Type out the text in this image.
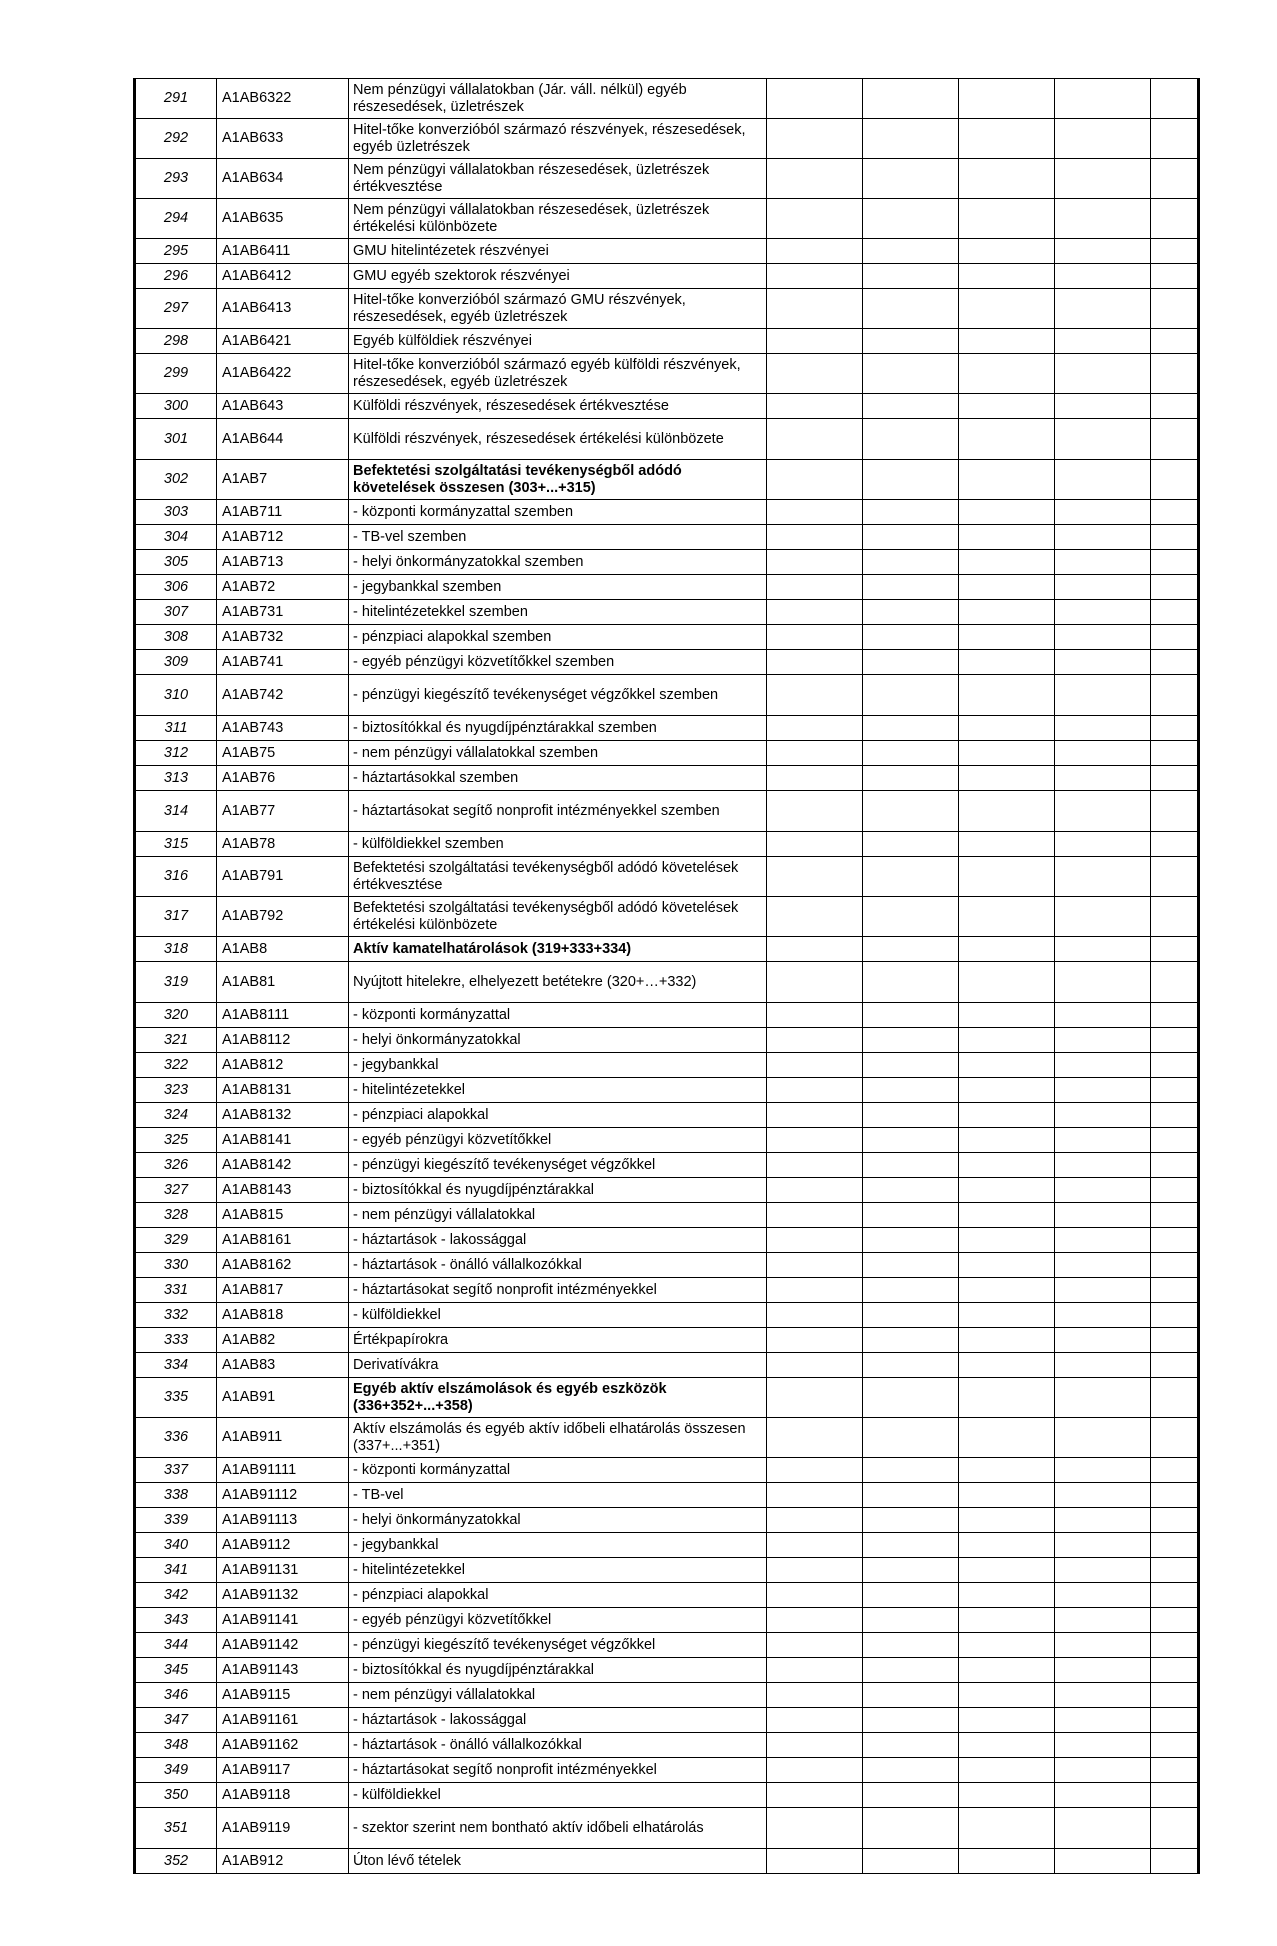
291	A1AB6322	Nem pénzügyi vállalatokban (Jár. váll. nélkül) egyéb részesedések, üzletrészek					
292	A1AB633	Hitel-tőke konverzióból származó részvények, részesedések, egyéb üzletrészek					
293	A1AB634	Nem pénzügyi vállalatokban részesedések, üzletrészek értékvesztése					
294	A1AB635	Nem pénzügyi vállalatokban részesedések, üzletrészek értékelési különbözete					
295	A1AB6411	GMU hitelintézetek részvényei					
296	A1AB6412	GMU egyéb szektorok részvényei					
297	A1AB6413	Hitel-tőke konverzióból származó GMU részvények, részesedések, egyéb üzletrészek					
298	A1AB6421	Egyéb külföldiek részvényei					
299	A1AB6422	Hitel-tőke konverzióból származó egyéb külföldi részvények, részesedések, egyéb üzletrészek					
300	A1AB643	Külföldi részvények, részesedések értékvesztése					
301	A1AB644	Külföldi részvények, részesedések értékelési különbözete					
302	A1AB7	Befektetési szolgáltatási tevékenységből adódó követelések összesen (303+...+315)					
303	A1AB711	- központi kormányzattal szemben					
304	A1AB712	- TB-vel szemben					
305	A1AB713	- helyi önkormányzatokkal szemben					
306	A1AB72	- jegybankkal szemben					
307	A1AB731	- hitelintézetekkel szemben					
308	A1AB732	- pénzpiaci alapokkal szemben					
309	A1AB741	- egyéb pénzügyi közvetítőkkel szemben					
310	A1AB742	- pénzügyi kiegészítő tevékenységet végzőkkel szemben					
311	A1AB743	- biztosítókkal és nyugdíjpénztárakkal szemben					
312	A1AB75	- nem pénzügyi vállalatokkal szemben					
313	A1AB76	- háztartásokkal szemben					
314	A1AB77	- háztartásokat segítő nonprofit intézményekkel szemben					
315	A1AB78	- külföldiekkel szemben					
316	A1AB791	Befektetési szolgáltatási tevékenységből adódó követelések értékvesztése					
317	A1AB792	Befektetési szolgáltatási tevékenységből adódó követelések értékelési különbözete					
318	A1AB8	Aktív kamatelhatárolások (319+333+334)					
319	A1AB81	Nyújtott hitelekre, elhelyezett betétekre (320+…+332)					
320	A1AB8111	- központi kormányzattal					
321	A1AB8112	- helyi önkormányzatokkal					
322	A1AB812	- jegybankkal					
323	A1AB8131	- hitelintézetekkel					
324	A1AB8132	- pénzpiaci alapokkal					
325	A1AB8141	- egyéb pénzügyi közvetítőkkel					
326	A1AB8142	- pénzügyi kiegészítő tevékenységet végzőkkel					
327	A1AB8143	- biztosítókkal és nyugdíjpénztárakkal					
328	A1AB815	- nem pénzügyi vállalatokkal					
329	A1AB8161	- háztartások - lakossággal					
330	A1AB8162	- háztartások - önálló vállalkozókkal					
331	A1AB817	- háztartásokat segítő nonprofit intézményekkel					
332	A1AB818	- külföldiekkel					
333	A1AB82	Értékpapírokra					
334	A1AB83	Derivatívákra					
335	A1AB91	Egyéb aktív elszámolások és egyéb eszközök (336+352+...+358)					
336	A1AB911	Aktív elszámolás és egyéb aktív időbeli elhatárolás összesen (337+...+351)					
337	A1AB91111	- központi kormányzattal					
338	A1AB91112	- TB-vel					
339	A1AB91113	- helyi önkormányzatokkal					
340	A1AB9112	- jegybankkal					
341	A1AB91131	- hitelintézetekkel					
342	A1AB91132	- pénzpiaci alapokkal					
343	A1AB91141	- egyéb pénzügyi közvetítőkkel					
344	A1AB91142	- pénzügyi kiegészítő tevékenységet végzőkkel					
345	A1AB91143	- biztosítókkal és nyugdíjpénztárakkal					
346	A1AB9115	- nem pénzügyi vállalatokkal					
347	A1AB91161	- háztartások - lakossággal					
348	A1AB91162	- háztartások - önálló vállalkozókkal					
349	A1AB9117	- háztartásokat segítő nonprofit intézményekkel					
350	A1AB9118	- külföldiekkel					
351	A1AB9119	- szektor szerint nem bontható aktív időbeli elhatárolás					
352	A1AB912	Úton lévő tételek					
